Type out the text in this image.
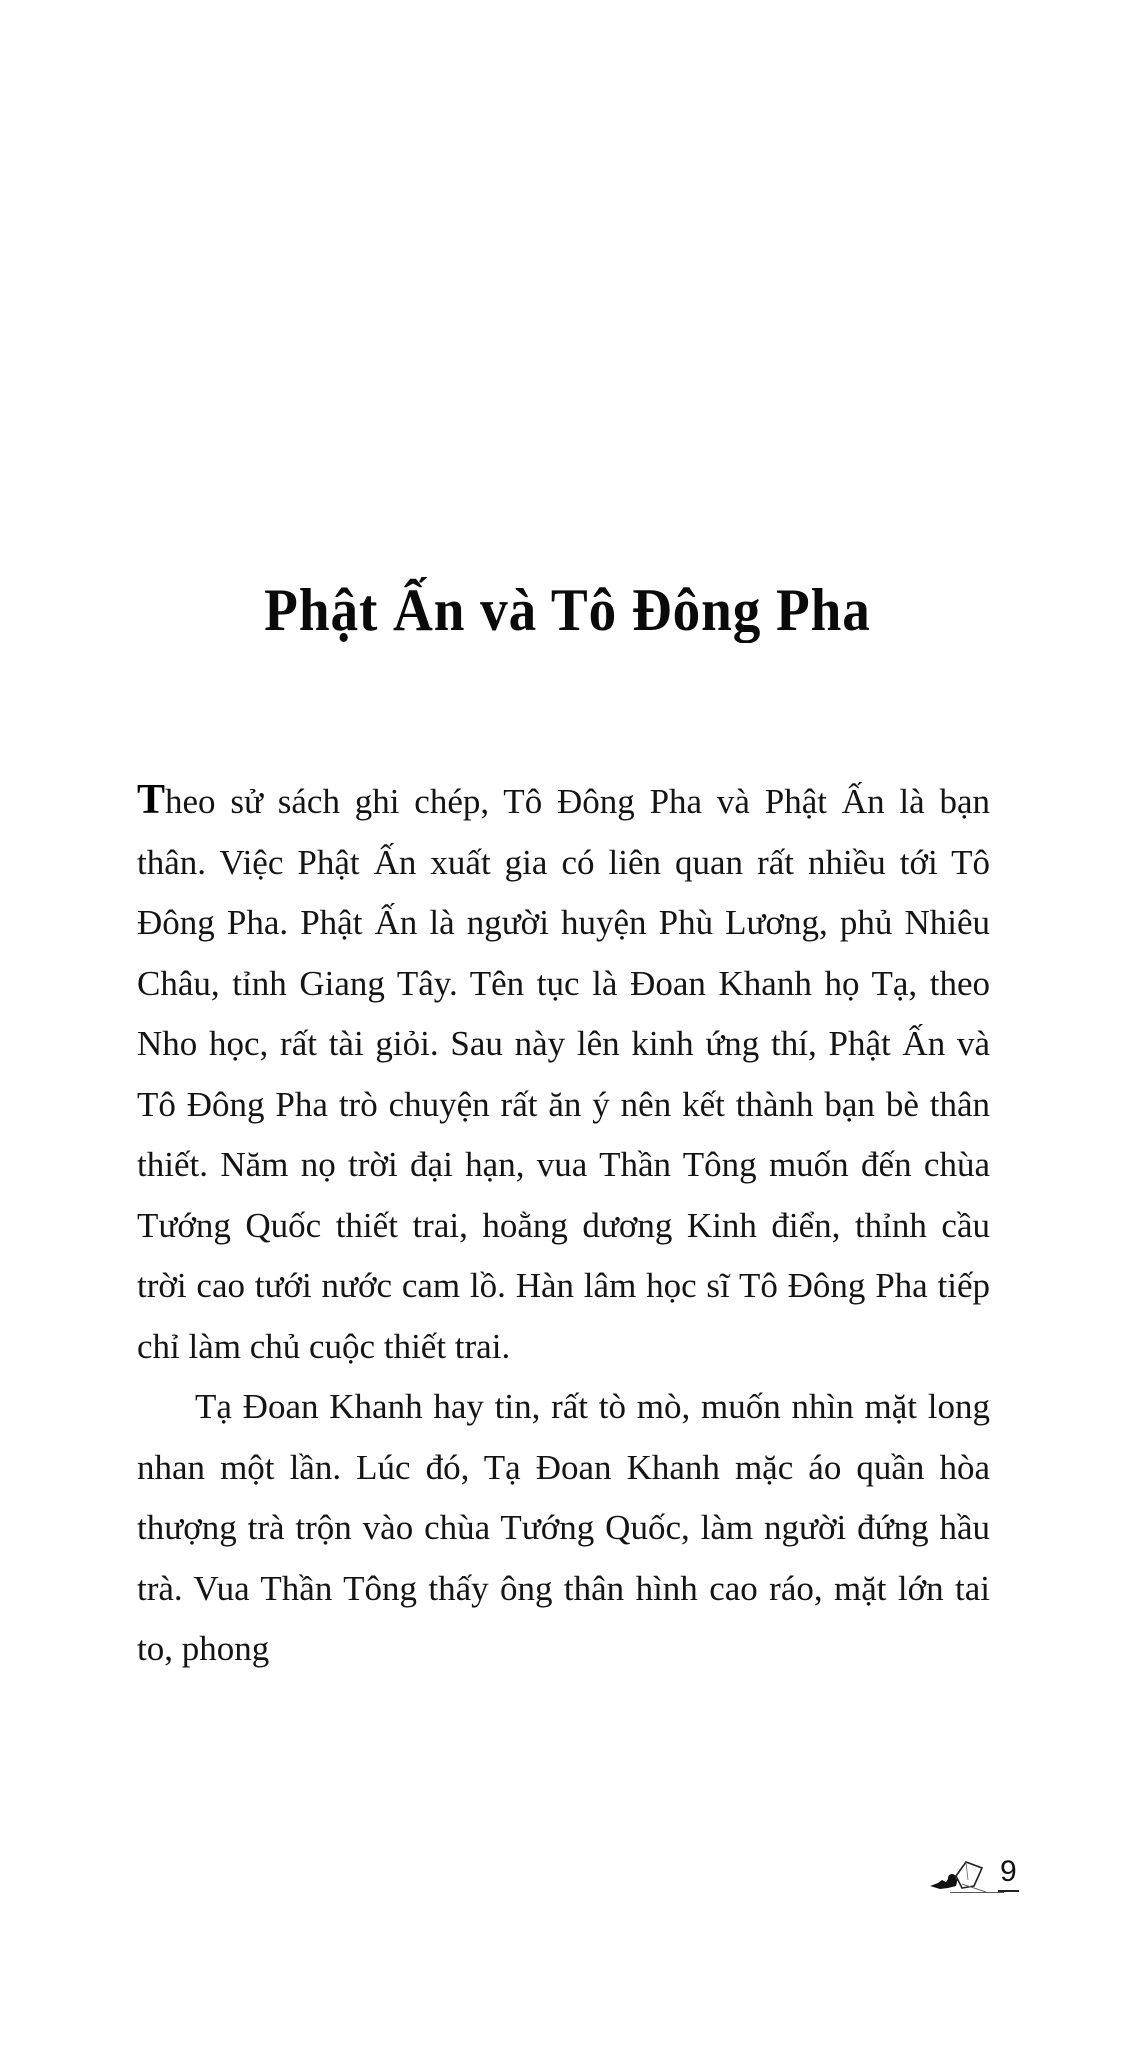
Phật Ấn và Tô Đông Pha

Theo sử sách ghi chép, Tô Đông Pha và Phật Ấn là bạn thân. Việc Phật Ấn xuất gia có liên quan rất nhiều tới Tô Đông Pha. Phật Ấn là người huyện Phù Lương, phủ Nhiêu Châu, tỉnh Giang Tây. Tên tục là Đoan Khanh họ Tạ, theo Nho học, rất tài giỏi. Sau này lên kinh ứng thí, Phật Ấn và Tô Đông Pha trò chuyện rất ăn ý nên kết thành bạn bè thân thiết. Năm nọ trời đại hạn, vua Thần Tông muốn đến chùa Tướng Quốc thiết trai, hoằng dương Kinh điển, thỉnh cầu trời cao tưới nước cam lồ. Hàn lâm học sĩ Tô Đông Pha tiếp chỉ làm chủ cuộc thiết trai.

Tạ Đoan Khanh hay tin, rất tò mò, muốn nhìn mặt long nhan một lần. Lúc đó, Tạ Đoan Khanh mặc áo quần hòa thượng trà trộn vào chùa Tướng Quốc, làm người đứng hầu trà. Vua Thần Tông thấy ông thân hình cao ráo, mặt lớn tai to, phong

9
